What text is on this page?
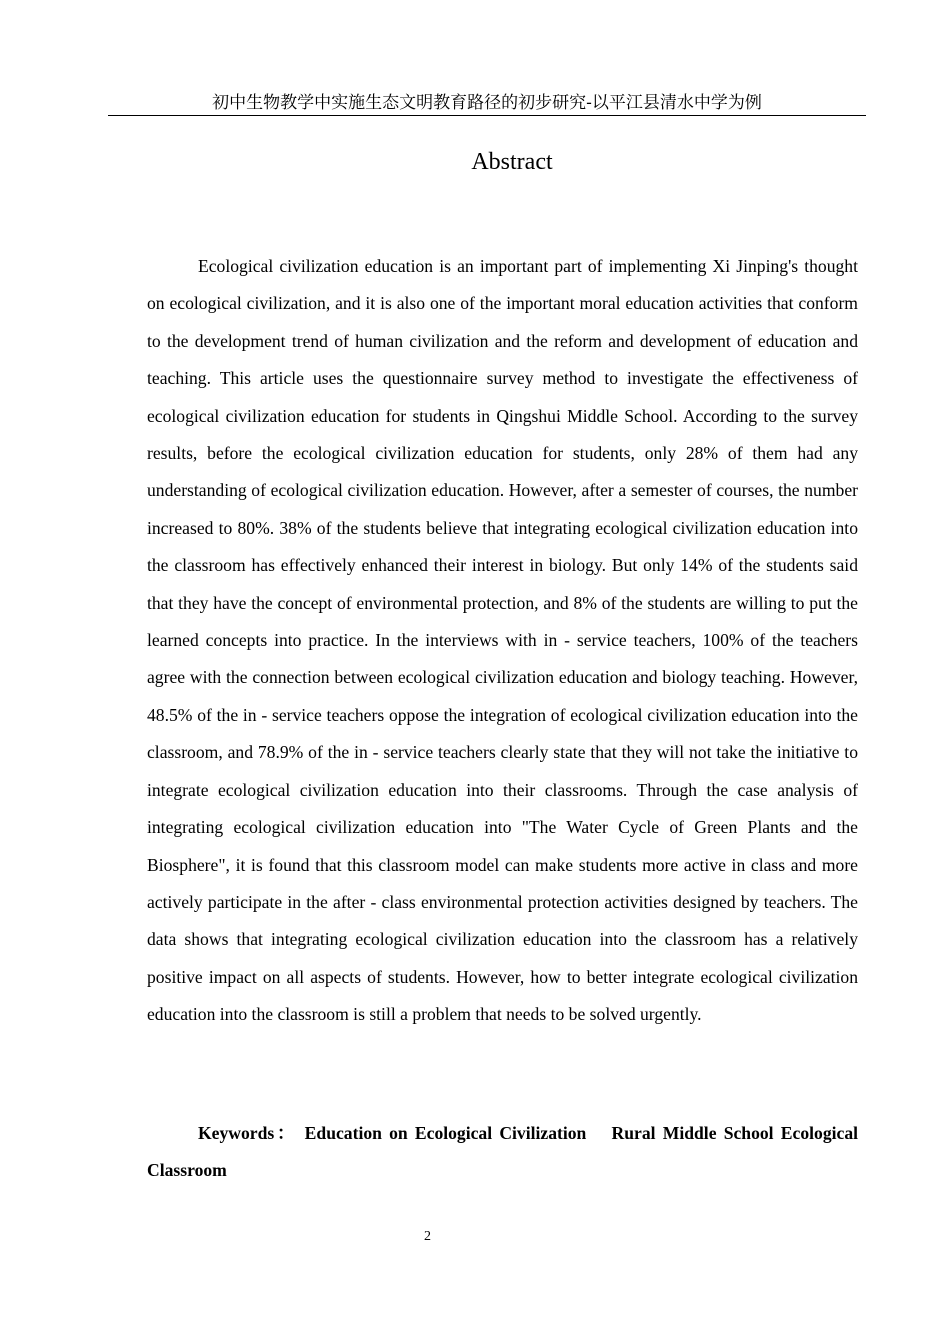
初中生物教学中实施生态文明教育路径的初步研究-以平江县清水中学为例
Abstract

Ecological civilization education is an important part of implementing Xi Jinping's thought on ecological civilization, and it is also one of the important moral education activities that conform to the development trend of human civilization and the reform and development of education and teaching. This article uses the questionnaire survey method to investigate the effectiveness of ecological civilization education for students in Qingshui Middle School. According to the survey results, before the ecological civilization education for students, only 28% of them had any understanding of ecological civilization education. However, after a semester of courses, the number increased to 80%. 38% of the students believe that integrating ecological civilization education into the classroom has effectively enhanced their interest in biology. But only 14% of the students said that they have the concept of environmental protection, and 8% of the students are willing to put the learned concepts into practice. In the interviews with in - service teachers, 100% of the teachers agree with the connection between ecological civilization education and biology teaching. However, 48.5% of the in - service teachers oppose the integration of ecological civilization education into the classroom, and 78.9% of the in - service teachers clearly state that they will not take the initiative to integrate ecological civilization education into their classrooms. Through the case analysis of integrating ecological civilization education into "The Water Cycle of Green Plants and the Biosphere", it is found that this classroom model can make students more active in class and more actively participate in the after - class environmental protection activities designed by teachers. The data shows that integrating ecological civilization education into the classroom has a relatively positive impact on all aspects of students. However, how to better integrate ecological civilization education into the classroom is still a problem that needs to be solved urgently.

Keywords： Education on Ecological Civilization Rural Middle School Ecological Classroom

2
